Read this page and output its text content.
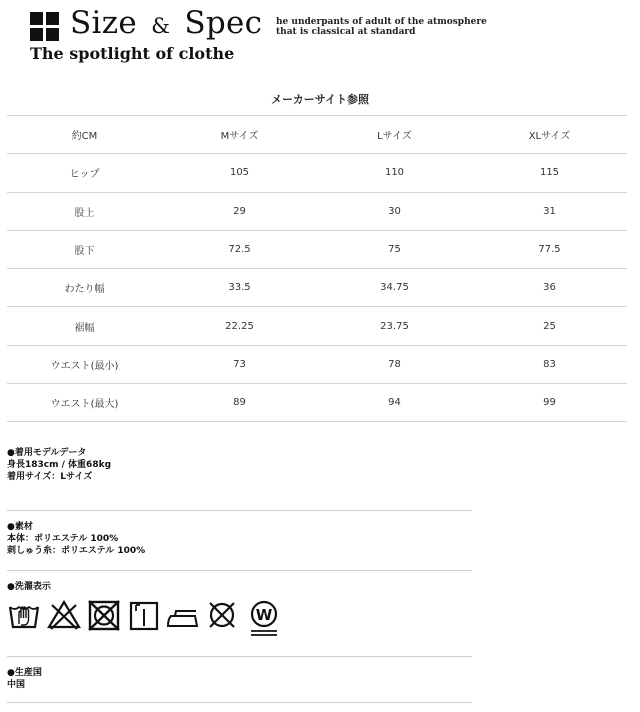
Size & Spec
The spotlight of clothe
he underpants of adult of the atmosphere
that is classical at standard
メーカーサイト参照
約CM	Mサイズ	Lサイズ	XLサイズ
ヒップ	105	110	115
股上	29	30	31
股下	72.5	75	77.5
わたり幅	33.5	34.75	36
裾幅	22.25	23.75	25
ウエスト(最小)	73	78	83
ウエスト(最大)	89	94	99
●着用モデルデータ
身長183cm / 体重68kg
着用サイズ：Lサイズ
●素材
本体：ポリエステル 100%
刺しゅう糸：ポリエステル 100%
●洗濯表示
W
●生産国
中国
